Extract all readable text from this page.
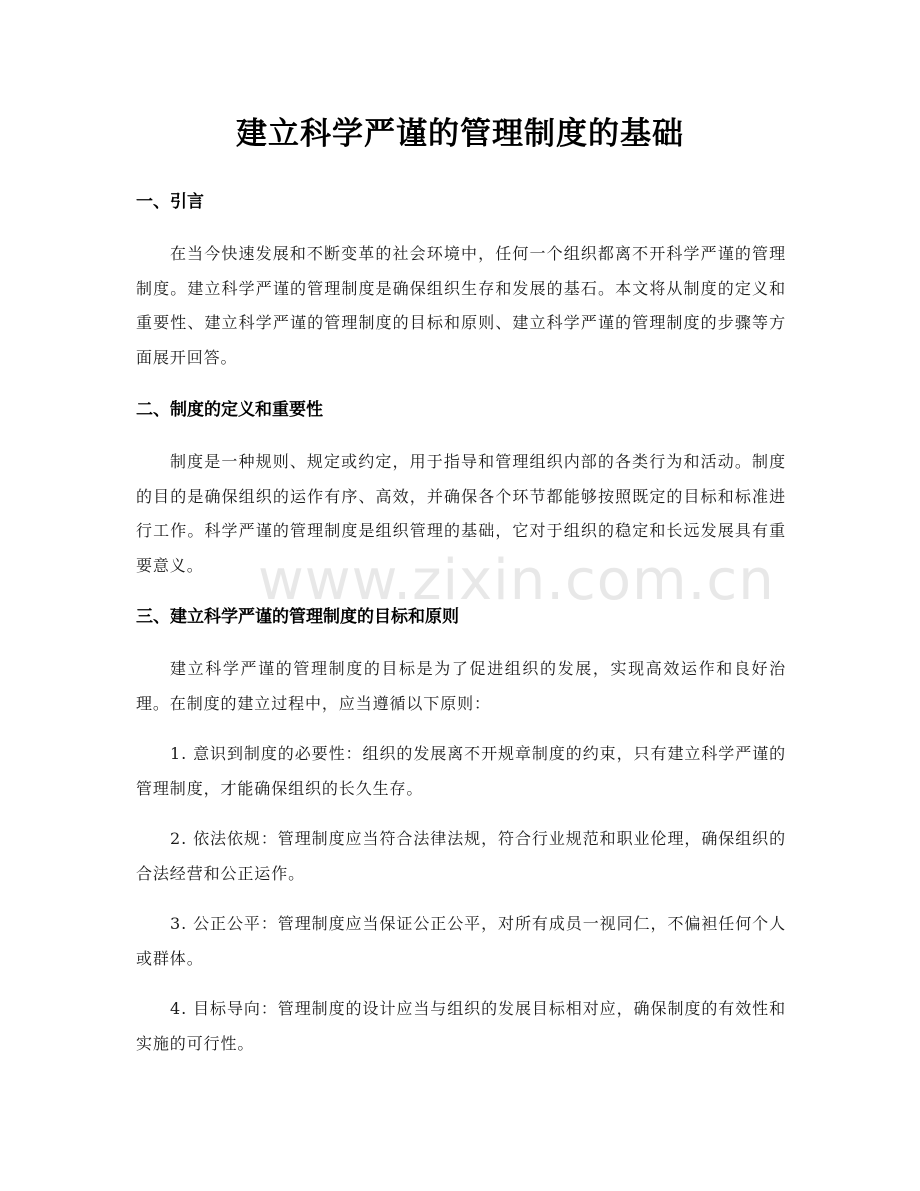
建立科学严谨的管理制度的基础
一、引言

在当今快速发展和不断变革的社会环境中，任何一个组织都离不开科学严谨的管理制度。建立科学严谨的管理制度是确保组织生存和发展的基石。本文将从制度的定义和重要性、建立科学严谨的管理制度的目标和原则、建立科学严谨的管理制度的步骤等方面展开回答。

二、制度的定义和重要性

制度是一种规则、规定或约定，用于指导和管理组织内部的各类行为和活动。制度的目的是确保组织的运作有序、高效，并确保各个环节都能够按照既定的目标和标准进行工作。科学严谨的管理制度是组织管理的基础，它对于组织的稳定和长远发展具有重要意义。

三、建立科学严谨的管理制度的目标和原则

建立科学严谨的管理制度的目标是为了促进组织的发展，实现高效运作和良好治理。在制度的建立过程中，应当遵循以下原则：

1. 意识到制度的必要性：组织的发展离不开规章制度的约束，只有建立科学严谨的管理制度，才能确保组织的长久生存。

2. 依法依规：管理制度应当符合法律法规，符合行业规范和职业伦理，确保组织的合法经营和公正运作。

3. 公正公平：管理制度应当保证公正公平，对所有成员一视同仁，不偏袒任何个人或群体。

4. 目标导向：管理制度的设计应当与组织的发展目标相对应，确保制度的有效性和实施的可行性。

www.zixin.com.cn
